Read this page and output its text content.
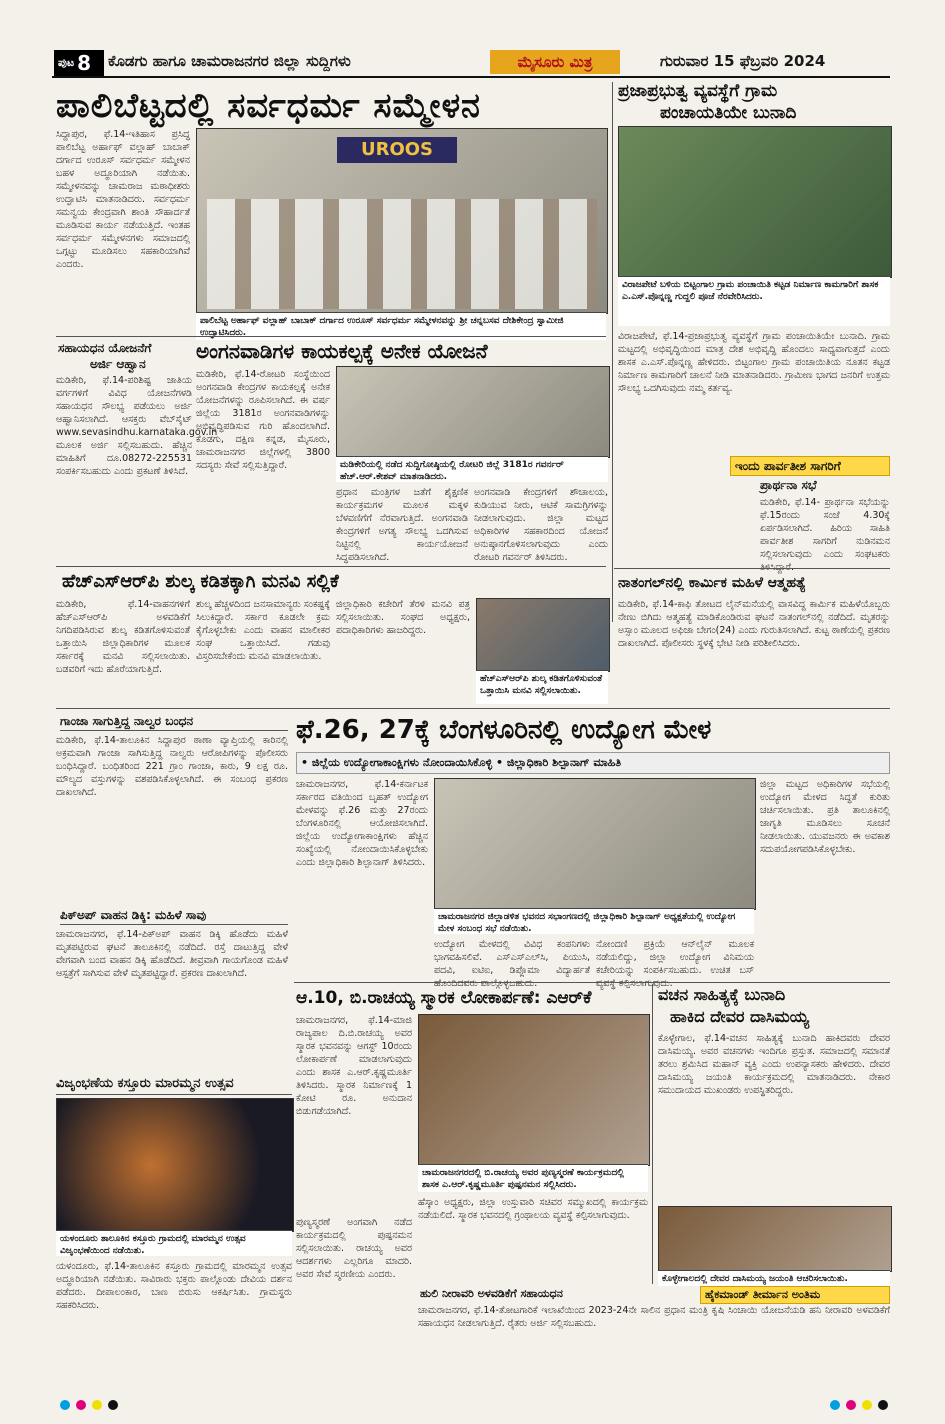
ಪುಟ 8 ಕೊಡಗು ಹಾಗೂ ಚಾಮರಾಜನಗರ ಜಿಲ್ಲಾ ಸುದ್ದಿಗಳು	ಮೈಸೂರು ಮಿತ್ರ	ಗುರುವಾರ 15 ಫೆಬ್ರವರಿ 2024
ಪಾಲಿಬೆಟ್ಟದಲ್ಲಿ ಸರ್ವಧರ್ಮ ಸಮ್ಮೇಳನ
UROOS
ಪಾಲಿಬೆಟ್ಟ ಅರ್ಹಾಫ್ ವಲ್ಲಾಹ್ ಬಾಬಾಕ್ ದರ್ಗಾದ ಉರೂಸ್ ಸರ್ವಧರ್ಮ ಸಮ್ಮೇಳನವನ್ನು ಶ್ರೀ ಚನ್ನಬಸವ ದೇಶಿಕೇಂದ್ರ ಸ್ವಾಮೀಜಿ ಉದ್ಘಾಟಿಸಿದರು.
ಸಿದ್ದಾಪುರ, ಫೆ.14-ಇತಿಹಾಸ ಪ್ರಸಿದ್ಧ ಪಾಲಿಬೆಟ್ಟ ಅರ್ಹಾಫ್ ವಲ್ಲಾಹ್ ಬಾಬಾಕ್ ದರ್ಗಾದ ಉರೂಸ್ ಸರ್ವಧರ್ಮ ಸಮ್ಮೇಳನ ಬಹಳ ಅದ್ಧೂರಿಯಾಗಿ ನಡೆಯಿತು. ಸಮ್ಮೇಳನವನ್ನು ಚಾಮರಾಜ ಮಠಾಧೀಶರು ಉದ್ಘಾಟಿಸಿ ಮಾತನಾಡಿದರು. ಸರ್ವಧರ್ಮ ಸಮನ್ವಯ ಕೇಂದ್ರವಾಗಿ ಶಾಂತಿ ಸೌಹಾರ್ದತೆ ಮೂಡಿಸುವ ಕಾರ್ಯ ನಡೆಯುತ್ತಿದೆ. ಇಂತಹ ಸರ್ವಧರ್ಮ ಸಮ್ಮೇಳನಗಳು ಸಮಾಜದಲ್ಲಿ ಒಗ್ಗಟ್ಟು ಮೂಡಿಸಲು ಸಹಕಾರಿಯಾಗಿವೆ ಎಂದರು.
ಪ್ರಜಾಪ್ರಭುತ್ವ ವ್ಯವಸ್ಥೆಗೆ ಗ್ರಾಮ
ಪಂಚಾಯತಿಯೇ ಬುನಾದಿ
ವಿರಾಜಪೇಟೆ ಬಳಿಯ ಬಿಟ್ಟಂಗಾಲ ಗ್ರಾಮ ಪಂಚಾಯಿತಿ ಕಟ್ಟಡ ನಿರ್ಮಾಣ ಕಾಮಗಾರಿಗೆ ಶಾಸಕ ಎ.ಎಸ್.ಪೊನ್ನಣ್ಣ ಗುದ್ದಲಿ ಪೂಜೆ ನೆರವೇರಿಸಿದರು.
ವಿರಾಜಪೇಟೆ, ಫೆ.14-ಪ್ರಜಾಪ್ರಭುತ್ವ ವ್ಯವಸ್ಥೆಗೆ ಗ್ರಾಮ ಪಂಚಾಯಿತಿಯೇ ಬುನಾದಿ. ಗ್ರಾಮ ಮಟ್ಟದಲ್ಲಿ ಅಭಿವೃದ್ಧಿಯಿಂದ ಮಾತ್ರ ದೇಶ ಅಭಿವೃದ್ಧಿ ಹೊಂದಲು ಸಾಧ್ಯವಾಗುತ್ತದೆ ಎಂದು ಶಾಸಕ ಎ.ಎಸ್.ಪೊನ್ನಣ್ಣ ಹೇಳಿದರು. ಬಿಟ್ಟಂಗಾಲ ಗ್ರಾಮ ಪಂಚಾಯಿತಿಯ ನೂತನ ಕಟ್ಟಡ ನಿರ್ಮಾಣ ಕಾಮಗಾರಿಗೆ ಚಾಲನೆ ನೀಡಿ ಮಾತನಾಡಿದರು. ಗ್ರಾಮೀಣ ಭಾಗದ ಜನರಿಗೆ ಉತ್ತಮ ಸೌಲಭ್ಯ ಒದಗಿಸುವುದು ನಮ್ಮ ಕರ್ತವ್ಯ.
ಇಂದು ಪಾರ್ವತೀಶ ಸಾಗರಿಗೆ
ಪ್ರಾರ್ಥನಾ ಸಭೆ
ಮಡಿಕೇರಿ, ಫೆ.14- ಪ್ರಾರ್ಥನಾ ಸಭೆಯನ್ನು ಫೆ.15ರಂದು ಸಂಜೆ 4.30ಕ್ಕೆ ಏರ್ಪಡಿಸಲಾಗಿದೆ. ಹಿರಿಯ ಸಾಹಿತಿ ಪಾರ್ವತೀಶ ಸಾಗರಿಗೆ ನುಡಿನಮನ ಸಲ್ಲಿಸಲಾಗುವುದು ಎಂದು ಸಂಘಟಕರು ತಿಳಿಸಿದ್ದಾರೆ.
ಸಹಾಯಧನ ಯೋಜನೆಗೆ
ಅರ್ಜಿ ಆಹ್ವಾನ
ಮಡಿಕೇರಿ, ಫೆ.14-ಪರಿಶಿಷ್ಟ ಜಾತಿಯ ವರ್ಗಗಳಿಗೆ ವಿವಿಧ ಯೋಜನೆಗಳಡಿ ಸಹಾಯಧನ ಸೌಲಭ್ಯ ಪಡೆಯಲು ಅರ್ಜಿ ಆಹ್ವಾನಿಸಲಾಗಿದೆ. ಆಸಕ್ತರು ವೆಬ್‌ಸೈಟ್ www.sevasindhu.karnataka.gov.in ಮೂಲಕ ಅರ್ಜಿ ಸಲ್ಲಿಸಬಹುದು. ಹೆಚ್ಚಿನ ಮಾಹಿತಿಗೆ ದೂ.08272-225531 ಸಂಪರ್ಕಿಸಬಹುದು ಎಂದು ಪ್ರಕಟಣೆ ತಿಳಿಸಿದೆ.
ಅಂಗನವಾಡಿಗಳ ಕಾಯಕಲ್ಪಕ್ಕೆ ಅನೇಕ ಯೋಜನೆ
ಮಡಿಕೇರಿಯಲ್ಲಿ ನಡೆದ ಸುದ್ದಿಗೋಷ್ಠಿಯಲ್ಲಿ ರೋಟರಿ ಜಿಲ್ಲೆ 3181ರ ಗವರ್ನರ್ ಹೆಚ್.ಆರ್.ಕೇಶವ್ ಮಾತನಾಡಿದರು.
ಮಡಿಕೇರಿ, ಫೆ.14-ರೋಟರಿ ಸಂಸ್ಥೆಯಿಂದ ಅಂಗನವಾಡಿ ಕೇಂದ್ರಗಳ ಕಾಯಕಲ್ಪಕ್ಕೆ ಅನೇಕ ಯೋಜನೆಗಳನ್ನು ರೂಪಿಸಲಾಗಿದೆ. ಈ ವರ್ಷ ಜಿಲ್ಲೆಯ 3181ರ ಅಂಗನವಾಡಿಗಳನ್ನು ಅಭಿವೃದ್ಧಿಪಡಿಸುವ ಗುರಿ ಹೊಂದಲಾಗಿದೆ. ಕೊಡಗು, ದಕ್ಷಿಣ ಕನ್ನಡ, ಮೈಸೂರು, ಚಾಮರಾಜನಗರ ಜಿಲ್ಲೆಗಳಲ್ಲಿ 3800 ಸದಸ್ಯರು ಸೇವೆ ಸಲ್ಲಿಸುತ್ತಿದ್ದಾರೆ.
ಪ್ರಧಾನ ಮಂತ್ರಿಗಳ ಜತೆಗೆ ಶೈಕ್ಷಣಿಕ ಕಾರ್ಯಕ್ರಮಗಳ ಮೂಲಕ ಮಕ್ಕಳ ಬೆಳವಣಿಗೆಗೆ ನೆರವಾಗುತ್ತಿದೆ. ಅಂಗನವಾಡಿ ಕೇಂದ್ರಗಳಿಗೆ ಅಗತ್ಯ ಸೌಲಭ್ಯ ಒದಗಿಸುವ ನಿಟ್ಟಿನಲ್ಲಿ ಕಾರ್ಯಯೋಜನೆ ಸಿದ್ಧಪಡಿಸಲಾಗಿದೆ.
ಅಂಗನವಾಡಿ ಕೇಂದ್ರಗಳಿಗೆ ಶೌಚಾಲಯ, ಕುಡಿಯುವ ನೀರು, ಆಟಿಕೆ ಸಾಮಗ್ರಿಗಳನ್ನು ನೀಡಲಾಗುವುದು. ಜಿಲ್ಲಾ ಮಟ್ಟದ ಅಧಿಕಾರಿಗಳ ಸಹಕಾರದಿಂದ ಯೋಜನೆ ಅನುಷ್ಠಾನಗೊಳಿಸಲಾಗುವುದು ಎಂದು ರೋಟರಿ ಗವರ್ನರ್ ತಿಳಿಸಿದರು.
ಹೆಚ್‌ಎಸ್‌ಆರ್‌ಪಿ ಶುಲ್ಕ ಕಡಿತಕ್ಕಾಗಿ ಮನವಿ ಸಲ್ಲಿಕೆ
ಮಡಿಕೇರಿ, ಫೆ.14-ವಾಹನಗಳಿಗೆ ಹೆಚ್‌ಎಸ್‌ಆರ್‌ಪಿ ಅಳವಡಿಕೆಗೆ ನಿಗದಿಪಡಿಸಿರುವ ಶುಲ್ಕ ಕಡಿತಗೊಳಿಸುವಂತೆ ಒತ್ತಾಯಿಸಿ ಜಿಲ್ಲಾಧಿಕಾರಿಗಳ ಮೂಲಕ ಸರ್ಕಾರಕ್ಕೆ ಮನವಿ ಸಲ್ಲಿಸಲಾಯಿತು. ಬಡವರಿಗೆ ಇದು ಹೊರೆಯಾಗುತ್ತಿದೆ.
ಶುಲ್ಕ ಹೆಚ್ಚಳದಿಂದ ಜನಸಾಮಾನ್ಯರು ಸಂಕಷ್ಟಕ್ಕೆ ಸಿಲುಕಿದ್ದಾರೆ. ಸರ್ಕಾರ ಕೂಡಲೇ ಕ್ರಮ ಕೈಗೊಳ್ಳಬೇಕು ಎಂದು ವಾಹನ ಮಾಲೀಕರ ಸಂಘ ಒತ್ತಾಯಿಸಿದೆ. ಗಡುವು ವಿಸ್ತರಿಸಬೇಕೆಂದು ಮನವಿ ಮಾಡಲಾಯಿತು.
ಜಿಲ್ಲಾಧಿಕಾರಿ ಕಚೇರಿಗೆ ತೆರಳಿ ಮನವಿ ಪತ್ರ ಸಲ್ಲಿಸಲಾಯಿತು. ಸಂಘದ ಅಧ್ಯಕ್ಷರು, ಪದಾಧಿಕಾರಿಗಳು ಹಾಜರಿದ್ದರು.
ಹೆಚ್‌ಎಸ್‌ಆರ್‌ಪಿ ಶುಲ್ಕ ಕಡಿತಗೊಳಿಸುವಂತೆ ಒತ್ತಾಯಿಸಿ ಮನವಿ ಸಲ್ಲಿಸಲಾಯಿತು.
ನಾತಂಗಲ್‌ನಲ್ಲಿ ಕಾರ್ಮಿಕ ಮಹಿಳೆ ಆತ್ಮಹತ್ಯೆ
ಮಡಿಕೇರಿ, ಫೆ.14-ಕಾಫಿ ತೋಟದ ಲೈನ್‌ಮನೆಯಲ್ಲಿ ವಾಸವಿದ್ದ ಕಾರ್ಮಿಕ ಮಹಿಳೆಯೊಬ್ಬರು ನೇಣು ಬಿಗಿದು ಆತ್ಮಹತ್ಯೆ ಮಾಡಿಕೊಂಡಿರುವ ಘಟನೆ ನಾತಂಗಲ್‌ನಲ್ಲಿ ನಡೆದಿದೆ. ಮೃತರನ್ನು ಅಸ್ಸಾಂ ಮೂಲದ ಅಫಿಜಾ ಬೇಗಂ(24) ಎಂದು ಗುರುತಿಸಲಾಗಿದೆ. ಕುಟ್ಟ ಠಾಣೆಯಲ್ಲಿ ಪ್ರಕರಣ ದಾಖಲಾಗಿದೆ. ಪೊಲೀಸರು ಸ್ಥಳಕ್ಕೆ ಭೇಟಿ ನೀಡಿ ಪರಿಶೀಲಿಸಿದರು.
ಗಾಂಜಾ ಸಾಗುತ್ತಿದ್ದ ನಾಲ್ವರ ಬಂಧನ
ಮಡಿಕೇರಿ, ಫೆ.14-ತಾಲೂಕಿನ ಸಿದ್ದಾಪುರ ಠಾಣಾ ವ್ಯಾಪ್ತಿಯಲ್ಲಿ ಕಾರಿನಲ್ಲಿ ಅಕ್ರಮವಾಗಿ ಗಾಂಜಾ ಸಾಗಿಸುತ್ತಿದ್ದ ನಾಲ್ವರು ಆರೋಪಿಗಳನ್ನು ಪೊಲೀಸರು ಬಂಧಿಸಿದ್ದಾರೆ. ಬಂಧಿತರಿಂದ 221 ಗ್ರಾಂ ಗಾಂಜಾ, ಕಾರು, 9 ಲಕ್ಷ ರೂ. ಮೌಲ್ಯದ ವಸ್ತುಗಳನ್ನು ವಶಪಡಿಸಿಕೊಳ್ಳಲಾಗಿದೆ. ಈ ಸಂಬಂಧ ಪ್ರಕರಣ ದಾಖಲಾಗಿದೆ.
ಪಿಕ್‌ಅಪ್ ವಾಹನ ಡಿಕ್ಕಿ: ಮಹಿಳೆ ಸಾವು
ಚಾಮರಾಜನಗರ, ಫೆ.14-ಪಿಕ್‌ಅಪ್ ವಾಹನ ಡಿಕ್ಕಿ ಹೊಡೆದು ಮಹಿಳೆ ಮೃತಪಟ್ಟಿರುವ ಘಟನೆ ತಾಲೂಕಿನಲ್ಲಿ ನಡೆದಿದೆ. ರಸ್ತೆ ದಾಟುತ್ತಿದ್ದ ವೇಳೆ ವೇಗವಾಗಿ ಬಂದ ವಾಹನ ಡಿಕ್ಕಿ ಹೊಡೆದಿದೆ. ತೀವ್ರವಾಗಿ ಗಾಯಗೊಂಡ ಮಹಿಳೆ ಆಸ್ಪತ್ರೆಗೆ ಸಾಗಿಸುವ ವೇಳೆ ಮೃತಪಟ್ಟಿದ್ದಾರೆ. ಪ್ರಕರಣ ದಾಖಲಾಗಿದೆ.
ಫೆ.26, 27ಕ್ಕೆ ಬೆಂಗಳೂರಿನಲ್ಲಿ ಉದ್ಯೋಗ ಮೇಳ
• ಜಿಲ್ಲೆಯ ಉದ್ಯೋಗಾಕಾಂಕ್ಷಿಗಳು ನೋಂದಾಯಿಸಿಕೊಳ್ಳಿ • ಜಿಲ್ಲಾಧಿಕಾರಿ ಶಿಲ್ಪಾನಾಗ್ ಮಾಹಿತಿ
ಚಾಮರಾಜನಗರ, ಫೆ.14-ಕರ್ನಾಟಕ ಸರ್ಕಾರದ ವತಿಯಿಂದ ಬೃಹತ್ ಉದ್ಯೋಗ ಮೇಳವನ್ನು ಫೆ.26 ಮತ್ತು 27ರಂದು ಬೆಂಗಳೂರಿನಲ್ಲಿ ಆಯೋಜಿಸಲಾಗಿದೆ. ಜಿಲ್ಲೆಯ ಉದ್ಯೋಗಾಕಾಂಕ್ಷಿಗಳು ಹೆಚ್ಚಿನ ಸಂಖ್ಯೆಯಲ್ಲಿ ನೋಂದಾಯಿಸಿಕೊಳ್ಳಬೇಕು ಎಂದು ಜಿಲ್ಲಾಧಿಕಾರಿ ಶಿಲ್ಪಾನಾಗ್ ತಿಳಿಸಿದರು.
ಚಾಮರಾಜನಗರ ಜಿಲ್ಲಾಡಳಿತ ಭವನದ ಸಭಾಂಗಣದಲ್ಲಿ ಜಿಲ್ಲಾಧಿಕಾರಿ ಶಿಲ್ಪಾನಾಗ್ ಅಧ್ಯಕ್ಷತೆಯಲ್ಲಿ ಉದ್ಯೋಗ ಮೇಳ ಸಂಬಂಧ ಸಭೆ ನಡೆಯಿತು.
ಉದ್ಯೋಗ ಮೇಳದಲ್ಲಿ ವಿವಿಧ ಕಂಪನಿಗಳು ಭಾಗವಹಿಸಲಿವೆ. ಎಸ್‌ಎಸ್‌ಎಲ್‌ಸಿ, ಪಿಯುಸಿ, ಪದವಿ, ಐಟಿಐ, ಡಿಪ್ಲೊಮಾ ವಿದ್ಯಾರ್ಹತೆ ಹೊಂದಿದವರು ಪಾಲ್ಗೊಳ್ಳಬಹುದು.
ನೋಂದಣಿ ಪ್ರಕ್ರಿಯೆ ಆನ್‌ಲೈನ್ ಮೂಲಕ ನಡೆಯಲಿದ್ದು, ಜಿಲ್ಲಾ ಉದ್ಯೋಗ ವಿನಿಮಯ ಕಚೇರಿಯನ್ನು ಸಂಪರ್ಕಿಸಬಹುದು. ಉಚಿತ ಬಸ್ ವ್ಯವಸ್ಥೆ ಕಲ್ಪಿಸಲಾಗುವುದು.
ಜಿಲ್ಲಾ ಮಟ್ಟದ ಅಧಿಕಾರಿಗಳ ಸಭೆಯಲ್ಲಿ ಉದ್ಯೋಗ ಮೇಳದ ಸಿದ್ಧತೆ ಕುರಿತು ಚರ್ಚಿಸಲಾಯಿತು. ಪ್ರತಿ ತಾಲೂಕಿನಲ್ಲಿ ಜಾಗೃತಿ ಮೂಡಿಸಲು ಸೂಚನೆ ನೀಡಲಾಯಿತು. ಯುವಜನರು ಈ ಅವಕಾಶ ಸದುಪಯೋಗಪಡಿಸಿಕೊಳ್ಳಬೇಕು.
ಆ.10, ಬಿ.ರಾಚಯ್ಯ ಸ್ಮಾರಕ ಲೋಕಾರ್ಪಣೆ: ಎಆರ್‌ಕೆ
ಚಾಮರಾಜನಗರ, ಫೆ.14-ಮಾಜಿ ರಾಜ್ಯಪಾಲ ದಿ.ಬಿ.ರಾಚಯ್ಯ ಅವರ ಸ್ಮಾರಕ ಭವನವನ್ನು ಆಗಸ್ಟ್ 10ರಂದು ಲೋಕಾರ್ಪಣೆ ಮಾಡಲಾಗುವುದು ಎಂದು ಶಾಸಕ ಎ.ಆರ್.ಕೃಷ್ಣಮೂರ್ತಿ ತಿಳಿಸಿದರು. ಸ್ಮಾರಕ ನಿರ್ಮಾಣಕ್ಕೆ 1 ಕೋಟಿ ರೂ. ಅನುದಾನ ಬಿಡುಗಡೆಯಾಗಿದೆ.
ಚಾಮರಾಜನಗರದಲ್ಲಿ ಬಿ.ರಾಚಯ್ಯ ಅವರ ಪುಣ್ಯಸ್ಮರಣೆ ಕಾರ್ಯಕ್ರಮದಲ್ಲಿ ಶಾಸಕ ಎ.ಆರ್.ಕೃಷ್ಣಮೂರ್ತಿ ಪುಷ್ಪನಮನ ಸಲ್ಲಿಸಿದರು.
ಪುಣ್ಯಸ್ಮರಣೆ ಅಂಗವಾಗಿ ನಡೆದ ಕಾರ್ಯಕ್ರಮದಲ್ಲಿ ಪುಷ್ಪನಮನ ಸಲ್ಲಿಸಲಾಯಿತು. ರಾಚಯ್ಯ ಅವರ ಆದರ್ಶಗಳು ಎಲ್ಲರಿಗೂ ಮಾದರಿ. ಅವರ ಸೇವೆ ಸ್ಮರಣೀಯ ಎಂದರು.
ಹೆಸ್ಕಾಂ ಅಧ್ಯಕ್ಷರು, ಜಿಲ್ಲಾ ಉಸ್ತುವಾರಿ ಸಚಿವರ ಸಮ್ಮುಖದಲ್ಲಿ ಕಾರ್ಯಕ್ರಮ ನಡೆಯಲಿದೆ. ಸ್ಮಾರಕ ಭವನದಲ್ಲಿ ಗ್ರಂಥಾಲಯ ವ್ಯವಸ್ಥೆ ಕಲ್ಪಿಸಲಾಗುವುದು.
ಹುಲಿ ನೀರಾವರಿ ಅಳವಡಿಕೆಗೆ ಸಹಾಯಧನ
ಚಾಮರಾಜನಗರ, ಫೆ.14-ತೋಟಗಾರಿಕೆ ಇಲಾಖೆಯಿಂದ 2023-24ನೇ ಸಾಲಿನ ಪ್ರಧಾನ ಮಂತ್ರಿ ಕೃಷಿ ಸಿಂಚಾಯಿ ಯೋಜನೆಯಡಿ ಹನಿ ನೀರಾವರಿ ಅಳವಡಿಕೆಗೆ ಸಹಾಯಧನ ನೀಡಲಾಗುತ್ತಿದೆ. ರೈತರು ಅರ್ಜಿ ಸಲ್ಲಿಸಬಹುದು.
ವಿಜೃಂಭಣೆಯ ಕಸ್ತೂರು ಮಾರಮ್ಮನ ಉತ್ಸವ
ಯಳಂದೂರು ತಾಲೂಕಿನ ಕಸ್ತೂರು ಗ್ರಾಮದಲ್ಲಿ ಮಾರಮ್ಮನ ಉತ್ಸವ ವಿಜೃಂಭಣೆಯಿಂದ ನಡೆಯಿತು.
ಯಳಂದೂರು, ಫೆ.14-ತಾಲೂಕಿನ ಕಸ್ತೂರು ಗ್ರಾಮದಲ್ಲಿ ಮಾರಮ್ಮನ ಉತ್ಸವ ಅದ್ಧೂರಿಯಾಗಿ ನಡೆಯಿತು. ಸಾವಿರಾರು ಭಕ್ತರು ಪಾಲ್ಗೊಂಡು ದೇವಿಯ ದರ್ಶನ ಪಡೆದರು. ದೀಪಾಲಂಕಾರ, ಬಾಣ ಬಿರುಸು ಆಕರ್ಷಿಸಿತು. ಗ್ರಾಮಸ್ಥರು ಸಹಕರಿಸಿದರು.
ವಚನ ಸಾಹಿತ್ಯಕ್ಕೆ ಬುನಾದಿ
ಹಾಕಿದ ದೇವರ ದಾಸಿಮಯ್ಯ
ಕೊಳ್ಳೇಗಾಲ, ಫೆ.14-ವಚನ ಸಾಹಿತ್ಯಕ್ಕೆ ಬುನಾದಿ ಹಾಕಿದವರು ದೇವರ ದಾಸಿಮಯ್ಯ. ಅವರ ವಚನಗಳು ಇಂದಿಗೂ ಪ್ರಸ್ತುತ. ಸಮಾಜದಲ್ಲಿ ಸಮಾನತೆ ತರಲು ಶ್ರಮಿಸಿದ ಮಹಾನ್ ವ್ಯಕ್ತಿ ಎಂದು ಉಪನ್ಯಾಸಕರು ಹೇಳಿದರು. ದೇವರ ದಾಸಿಮಯ್ಯ ಜಯಂತಿ ಕಾರ್ಯಕ್ರಮದಲ್ಲಿ ಮಾತನಾಡಿದರು. ನೇಕಾರ ಸಮುದಾಯದ ಮುಖಂಡರು ಉಪಸ್ಥಿತರಿದ್ದರು.
ಕೊಳ್ಳೇಗಾಲದಲ್ಲಿ ದೇವರ ದಾಸಿಮಯ್ಯ ಜಯಂತಿ ಆಚರಿಸಲಾಯಿತು.
ಹೈಕಮಾಂಡ್ ತೀರ್ಮಾನ ಅಂತಿಮ
